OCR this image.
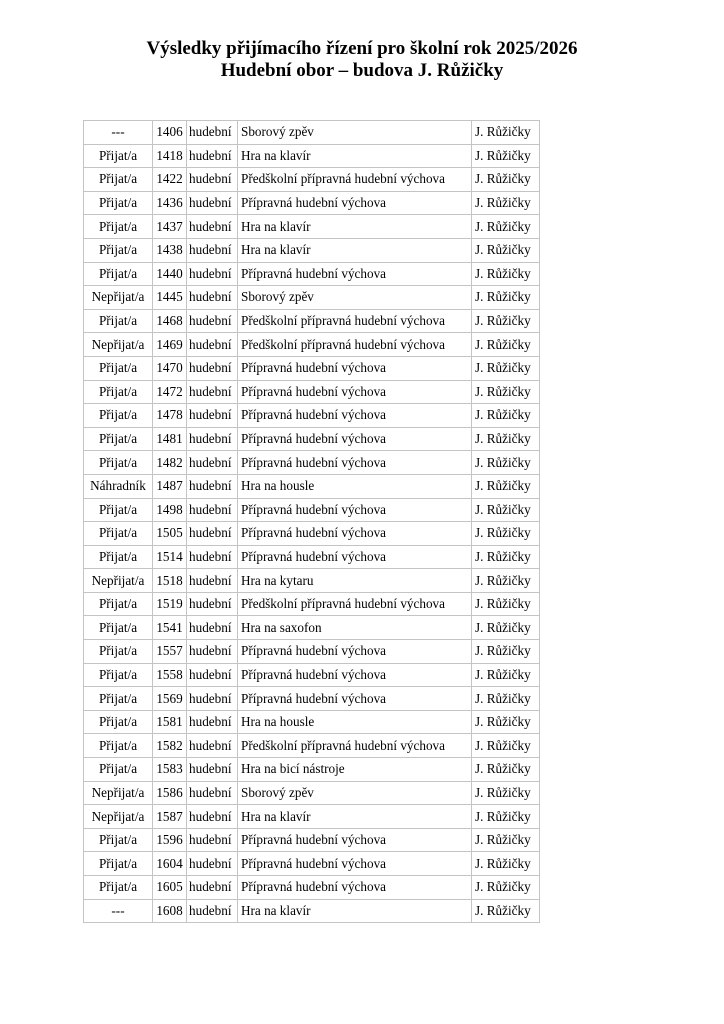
Výsledky přijímacího řízení pro školní rok 2025/2026
Hudební obor – budova J. Růžičky
---	1406	hudební	Sborový zpěv	J. Růžičky
Přijat/a	1418	hudební	Hra na klavír	J. Růžičky
Přijat/a	1422	hudební	Předškolní přípravná hudební výchova	J. Růžičky
Přijat/a	1436	hudební	Přípravná hudební výchova	J. Růžičky
Přijat/a	1437	hudební	Hra na klavír	J. Růžičky
Přijat/a	1438	hudební	Hra na klavír	J. Růžičky
Přijat/a	1440	hudební	Přípravná hudební výchova	J. Růžičky
Nepřijat/a	1445	hudební	Sborový zpěv	J. Růžičky
Přijat/a	1468	hudební	Předškolní přípravná hudební výchova	J. Růžičky
Nepřijat/a	1469	hudební	Předškolní přípravná hudební výchova	J. Růžičky
Přijat/a	1470	hudební	Přípravná hudební výchova	J. Růžičky
Přijat/a	1472	hudební	Přípravná hudební výchova	J. Růžičky
Přijat/a	1478	hudební	Přípravná hudební výchova	J. Růžičky
Přijat/a	1481	hudební	Přípravná hudební výchova	J. Růžičky
Přijat/a	1482	hudební	Přípravná hudební výchova	J. Růžičky
Náhradník	1487	hudební	Hra na housle	J. Růžičky
Přijat/a	1498	hudební	Přípravná hudební výchova	J. Růžičky
Přijat/a	1505	hudební	Přípravná hudební výchova	J. Růžičky
Přijat/a	1514	hudební	Přípravná hudební výchova	J. Růžičky
Nepřijat/a	1518	hudební	Hra na kytaru	J. Růžičky
Přijat/a	1519	hudební	Předškolní přípravná hudební výchova	J. Růžičky
Přijat/a	1541	hudební	Hra na saxofon	J. Růžičky
Přijat/a	1557	hudební	Přípravná hudební výchova	J. Růžičky
Přijat/a	1558	hudební	Přípravná hudební výchova	J. Růžičky
Přijat/a	1569	hudební	Přípravná hudební výchova	J. Růžičky
Přijat/a	1581	hudební	Hra na housle	J. Růžičky
Přijat/a	1582	hudební	Předškolní přípravná hudební výchova	J. Růžičky
Přijat/a	1583	hudební	Hra na bicí nástroje	J. Růžičky
Nepřijat/a	1586	hudební	Sborový zpěv	J. Růžičky
Nepřijat/a	1587	hudební	Hra na klavír	J. Růžičky
Přijat/a	1596	hudební	Přípravná hudební výchova	J. Růžičky
Přijat/a	1604	hudební	Přípravná hudební výchova	J. Růžičky
Přijat/a	1605	hudební	Přípravná hudební výchova	J. Růžičky
---	1608	hudební	Hra na klavír	J. Růžičky
